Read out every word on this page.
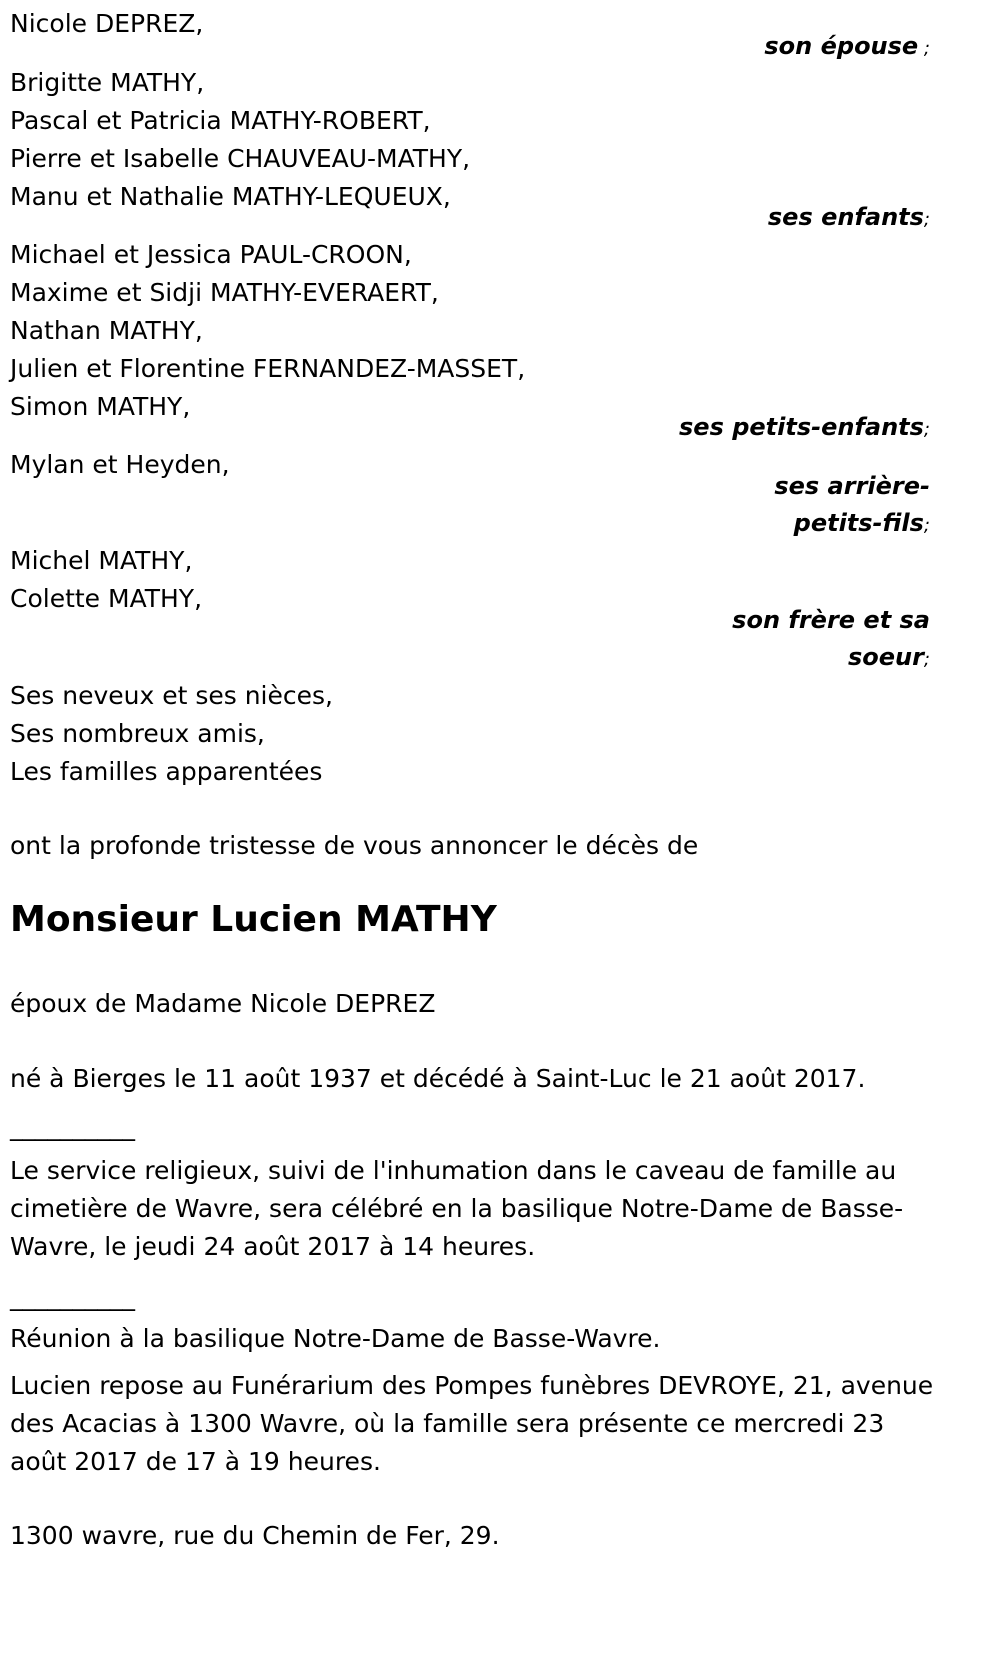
Nicole DEPREZ,
son épouse ;
Brigitte MATHY,
Pascal et Patricia MATHY-ROBERT,
Pierre et Isabelle CHAUVEAU-MATHY,
Manu et Nathalie MATHY-LEQUEUX,
ses enfants;
Michael et Jessica PAUL-CROON,
Maxime et Sidji MATHY-EVERAERT,
Nathan MATHY,
Julien et Florentine FERNANDEZ-MASSET,
Simon MATHY,
ses petits-enfants;
Mylan et Heyden,
ses arrière-
petits-fils;
Michel MATHY,
Colette MATHY,
son frère et sa
soeur;
Ses neveux et ses nièces,
Ses nombreux amis,
Les familles apparentées
ont la profonde tristesse de vous annoncer le décès de
Monsieur Lucien MATHY
époux de Madame Nicole DEPREZ
né à Bierges le 11 août 1937 et décédé à Saint-Luc le 21 août 2017.
__________
Le service religieux, suivi de l'inhumation dans le caveau de famille au cimetière de Wavre, sera célébré en la basilique Notre-Dame de Basse-Wavre, le jeudi 24 août 2017 à 14 heures.
__________
Réunion à la basilique Notre-Dame de Basse-Wavre.
Lucien repose au Funérarium des Pompes funèbres DEVROYE, 21, avenue des Acacias à 1300 Wavre, où la famille sera présente ce mercredi 23 août 2017 de 17 à 19 heures.
1300 wavre, rue du Chemin de Fer, 29.
